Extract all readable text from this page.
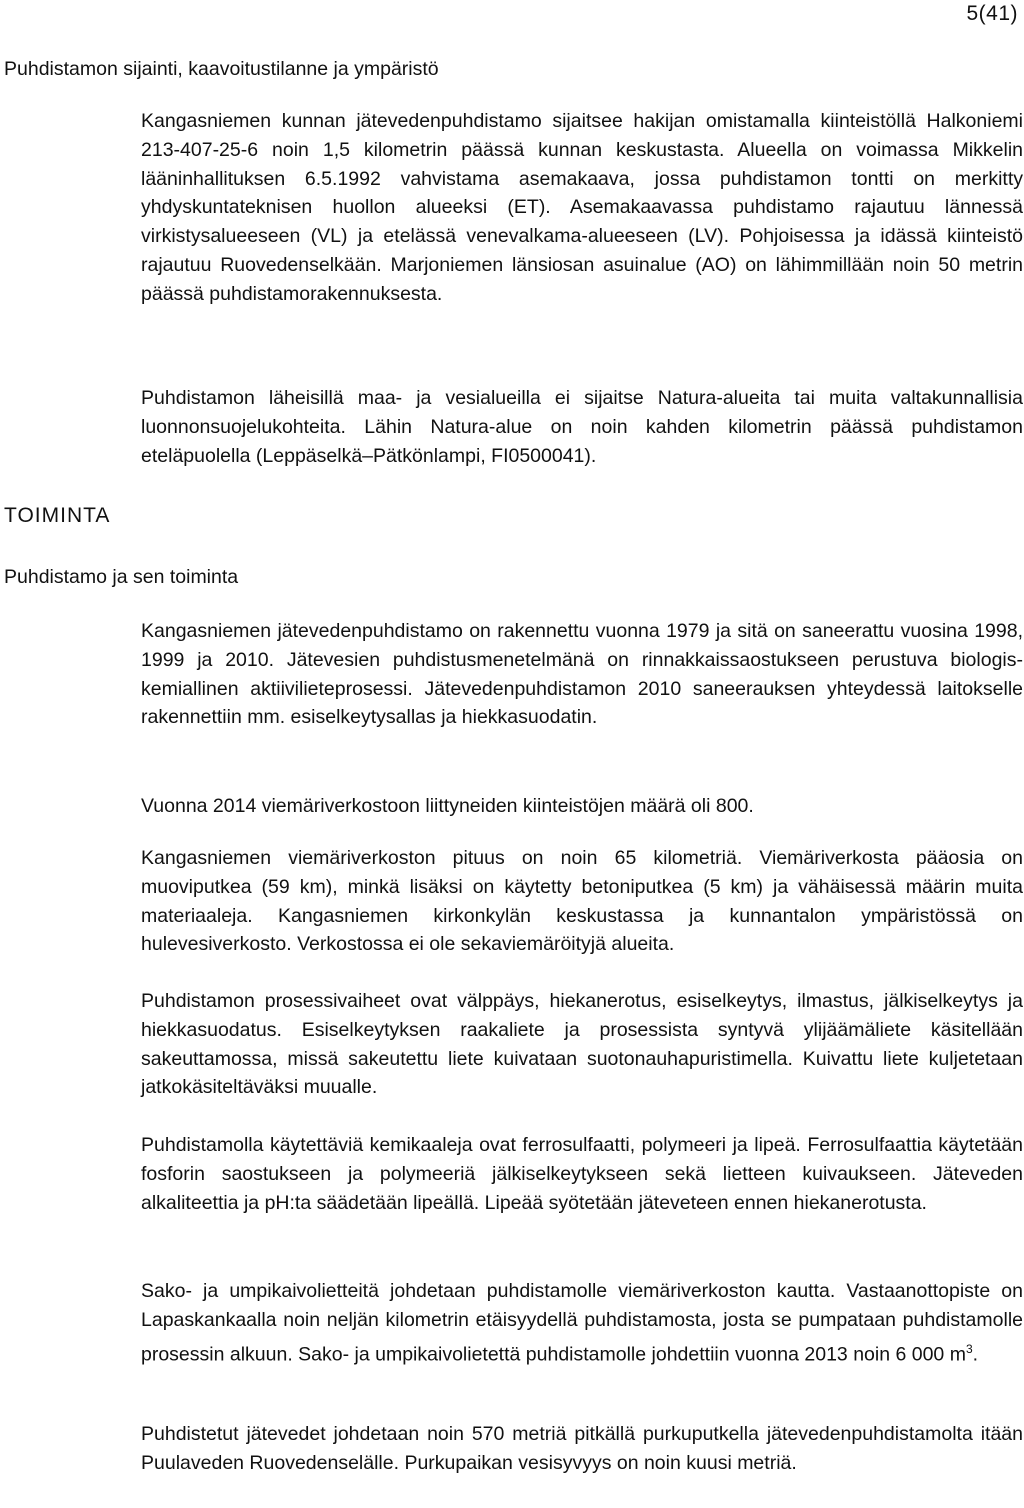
5(41)
Puhdistamon sijainti, kaavoitustilanne ja ympäristö
Kangasniemen kunnan jätevedenpuhdistamo sijaitsee hakijan omistamalla kiinteistöllä Halkoniemi 213-407-25-6 noin 1,5 kilometrin päässä kunnan keskustasta. Alueella on voimassa Mikkelin lääninhallituksen 6.5.1992 vahvistama asemakaava, jossa puhdistamon tontti on merkitty yhdyskuntateknisen huollon alueeksi (ET). Asemakaavassa puhdistamo rajautuu lännessä virkistysalueeseen (VL) ja etelässä venevalkama-alueeseen (LV). Pohjoisessa ja idässä kiinteistö rajautuu Ruovedenselkään. Marjoniemen länsiosan asuinalue (AO) on lähimmillään noin 50 metrin päässä puhdistamorakennuksesta.
Puhdistamon läheisillä maa- ja vesialueilla ei sijaitse Natura-alueita tai muita valtakunnallisia luonnonsuojelukohteita. Lähin Natura-alue on noin kahden kilometrin päässä puhdistamon eteläpuolella (Leppäselkä–Pätkönlampi, FI0500041).
TOIMINTA
Puhdistamo ja sen toiminta
Kangasniemen jätevedenpuhdistamo on rakennettu vuonna 1979 ja sitä on saneerattu vuosina 1998, 1999 ja 2010. Jätevesien puhdistusmenetelmänä on rinnakkaissaostukseen perustuva biologis-kemiallinen aktiivilieteprosessi. Jätevedenpuhdistamon 2010 saneerauksen yhteydessä laitokselle rakennettiin mm. esiselkeytysallas ja hiekkasuodatin.
Vuonna 2014 viemäriverkostoon liittyneiden kiinteistöjen määrä oli 800.
Kangasniemen viemäriverkoston pituus on noin 65 kilometriä. Viemäriverkosta pääosia on muoviputkea (59 km), minkä lisäksi on käytetty betoniputkea (5 km) ja vähäisessä määrin muita materiaaleja. Kangasniemen kirkonkylän keskustassa ja kunnantalon ympäristössä on hulevesiverkosto. Verkostossa ei ole sekaviemäröityjä alueita.
Puhdistamon prosessivaiheet ovat välppäys, hiekanerotus, esiselkeytys, ilmastus, jälkiselkeytys ja hiekkasuodatus. Esiselkeytyksen raakaliete ja prosessista syntyvä ylijäämäliete käsitellään sakeuttamossa, missä sakeutettu liete kuivataan suotonauhapuristimella. Kuivattu liete kuljetetaan jatkokäsiteltäväksi muualle.
Puhdistamolla käytettäviä kemikaaleja ovat ferrosulfaatti, polymeeri ja lipeä. Ferrosulfaattia käytetään fosforin saostukseen ja polymeeriä jälkiselkeytykseen sekä lietteen kuivaukseen. Jäteveden alkaliteettia ja pH:ta säädetään lipeällä. Lipeää syötetään jäteveteen ennen hiekanerotusta.
Sako- ja umpikaivolietteitä johdetaan puhdistamolle viemäriverkoston kautta. Vastaanottopiste on Lapaskankaalla noin neljän kilometrin etäisyydellä puhdistamosta, josta se pumpataan puhdistamolle prosessin alkuun. Sako- ja umpikaivolietettä puhdistamolle johdettiin vuonna 2013 noin 6 000 $m^3$.
Puhdistetut jätevedet johdetaan noin 570 metriä pitkällä purkuputkella jätevedenpuhdistamolta itään Puulaveden Ruovedenselälle. Purkupaikan vesisyvyys on noin kuusi metriä.
